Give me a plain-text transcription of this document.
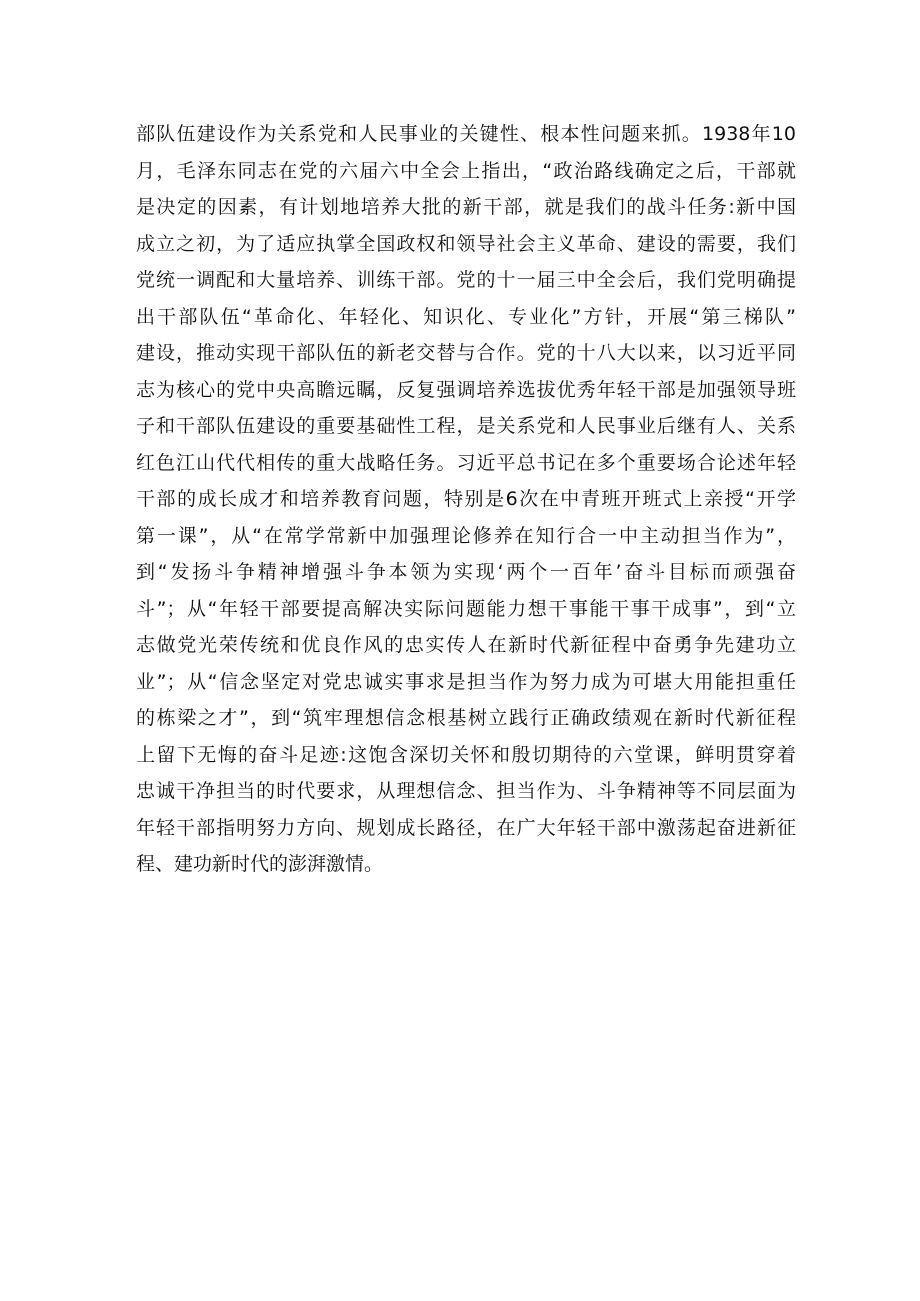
部队伍建设作为关系党和人民事业的关键性、根本性问题来抓。1938年10
月，毛泽东同志在党的六届六中全会上指出，“政治路线确定之后，干部就
是决定的因素，有计划地培养大批的新干部，就是我们的战斗任务:新中国
成立之初，为了适应执掌全国政权和领导社会主义革命、建设的需要，我们
党统一调配和大量培养、训练干部。党的十一届三中全会后，我们党明确提
出干部队伍“革命化、年轻化、知识化、专业化”方针，开展“第三梯队”
建设，推动实现干部队伍的新老交替与合作。党的十八大以来，以习近平同
志为核心的党中央高瞻远瞩，反复强调培养选拔优秀年轻干部是加强领导班
子和干部队伍建设的重要基础性工程，是关系党和人民事业后继有人、关系
红色江山代代相传的重大战略任务。习近平总书记在多个重要场合论述年轻
干部的成长成才和培养教育问题，特别是6次在中青班开班式上亲授“开学
第一课”，从“在常学常新中加强理论修养在知行合一中主动担当作为”，
到“发扬斗争精神增强斗争本领为实现‘两个一百年’奋斗目标而顽强奋
斗”；从“年轻干部要提高解决实际问题能力想干事能干事干成事”，到“立
志做党光荣传统和优良作风的忠实传人在新时代新征程中奋勇争先建功立
业”；从“信念坚定对党忠诚实事求是担当作为努力成为可堪大用能担重任
的栋梁之才”，到“筑牢理想信念根基树立践行正确政绩观在新时代新征程
上留下无悔的奋斗足迹:这饱含深切关怀和殷切期待的六堂课，鲜明贯穿着
忠诚干净担当的时代要求，从理想信念、担当作为、斗争精神等不同层面为
年轻干部指明努力方向、规划成长路径，在广大年轻干部中激荡起奋进新征
程、建功新时代的澎湃激情。
